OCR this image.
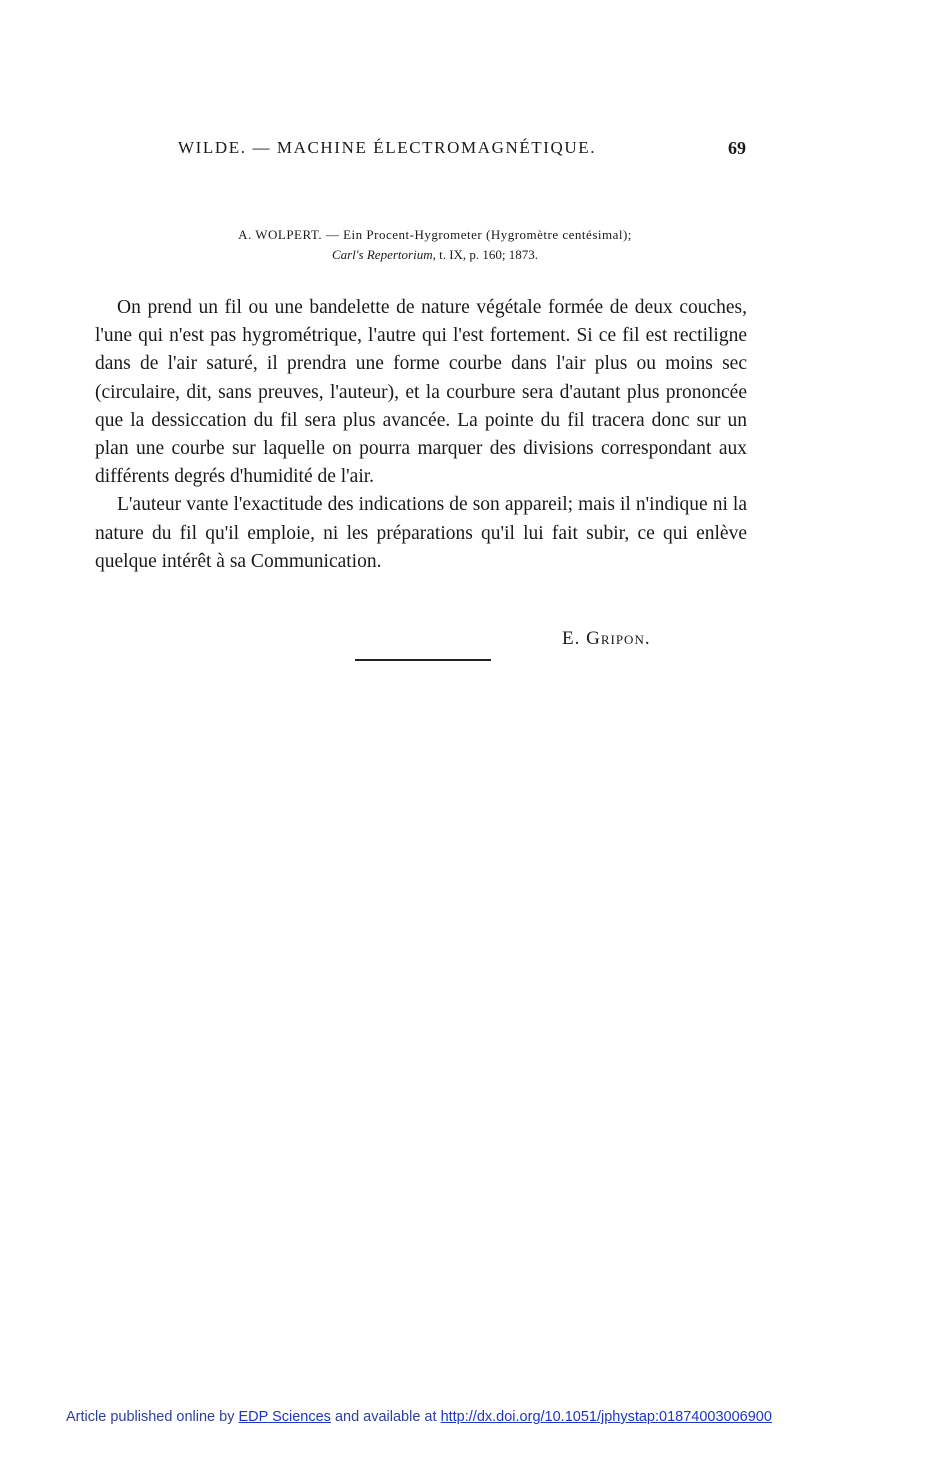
WILDE. — MACHINE ÉLECTROMAGNÉTIQUE.	69
A. WOLPERT. — Ein Procent-Hygrometer (Hygromètre centésimal);
Carl's Repertorium, t. IX, p. 160; 1873.

On prend un fil ou une bandelette de nature végétale formée de deux couches, l'une qui n'est pas hygrométrique, l'autre qui l'est fortement. Si ce fil est rectiligne dans de l'air saturé, il prendra une forme courbe dans l'air plus ou moins sec (circulaire, dit, sans preuves, l'auteur), et la courbure sera d'autant plus prononcée que la dessiccation du fil sera plus avancée. La pointe du fil tracera donc sur un plan une courbe sur laquelle on pourra marquer des divisions correspondant aux différents degrés d'humidité de l'air.

L'auteur vante l'exactitude des indications de son appareil; mais il n'indique ni la nature du fil qu'il emploie, ni les préparations qu'il lui fait subir, ce qui enlève quelque intérêt à sa Communication.

E. Gripon.
Article published online by EDP Sciences and available at http://dx.doi.org/10.1051/jphystap:01874003006900
